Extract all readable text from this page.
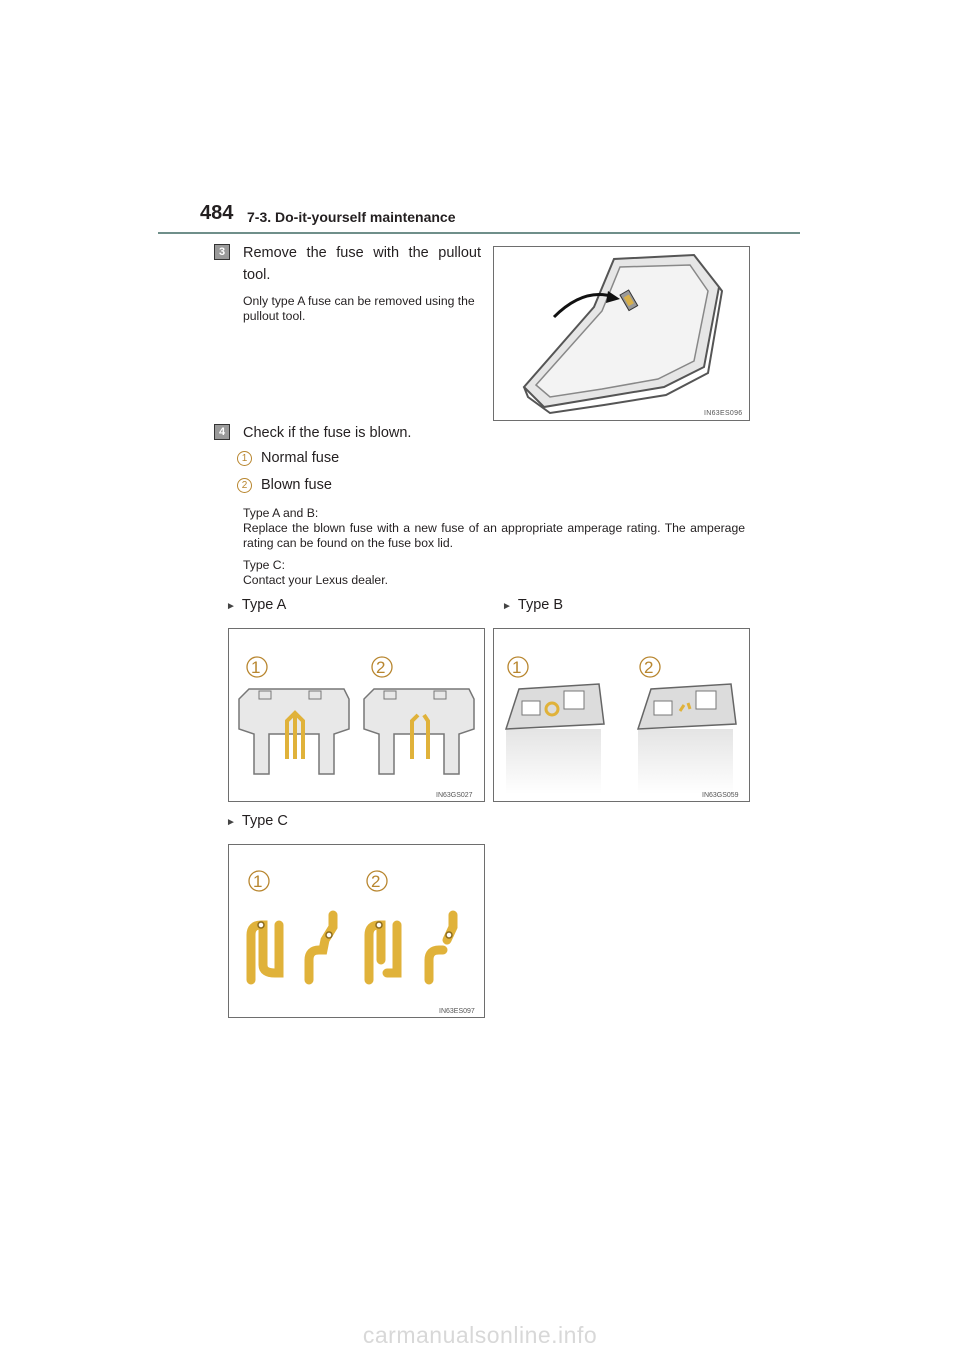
484 7-3. Do-it-yourself maintenance
3	Remove the fuse with the pullout tool.
Only type A fuse can be removed using the pullout tool.
IN63ES096
4	Check if the fuse is blown.
1 Normal fuse
2 Blown fuse
Type A and B:
Replace the blown fuse with a new fuse of an appropriate amperage rating. The amperage rating can be found on the fuse box lid.
Type C:
Contact your Lexus dealer.
► Type A	► Type B
1	2
IN63GS027
1	2
IN63GS059
► Type C
1	2
IN63ES097
carmanualsonline.info
